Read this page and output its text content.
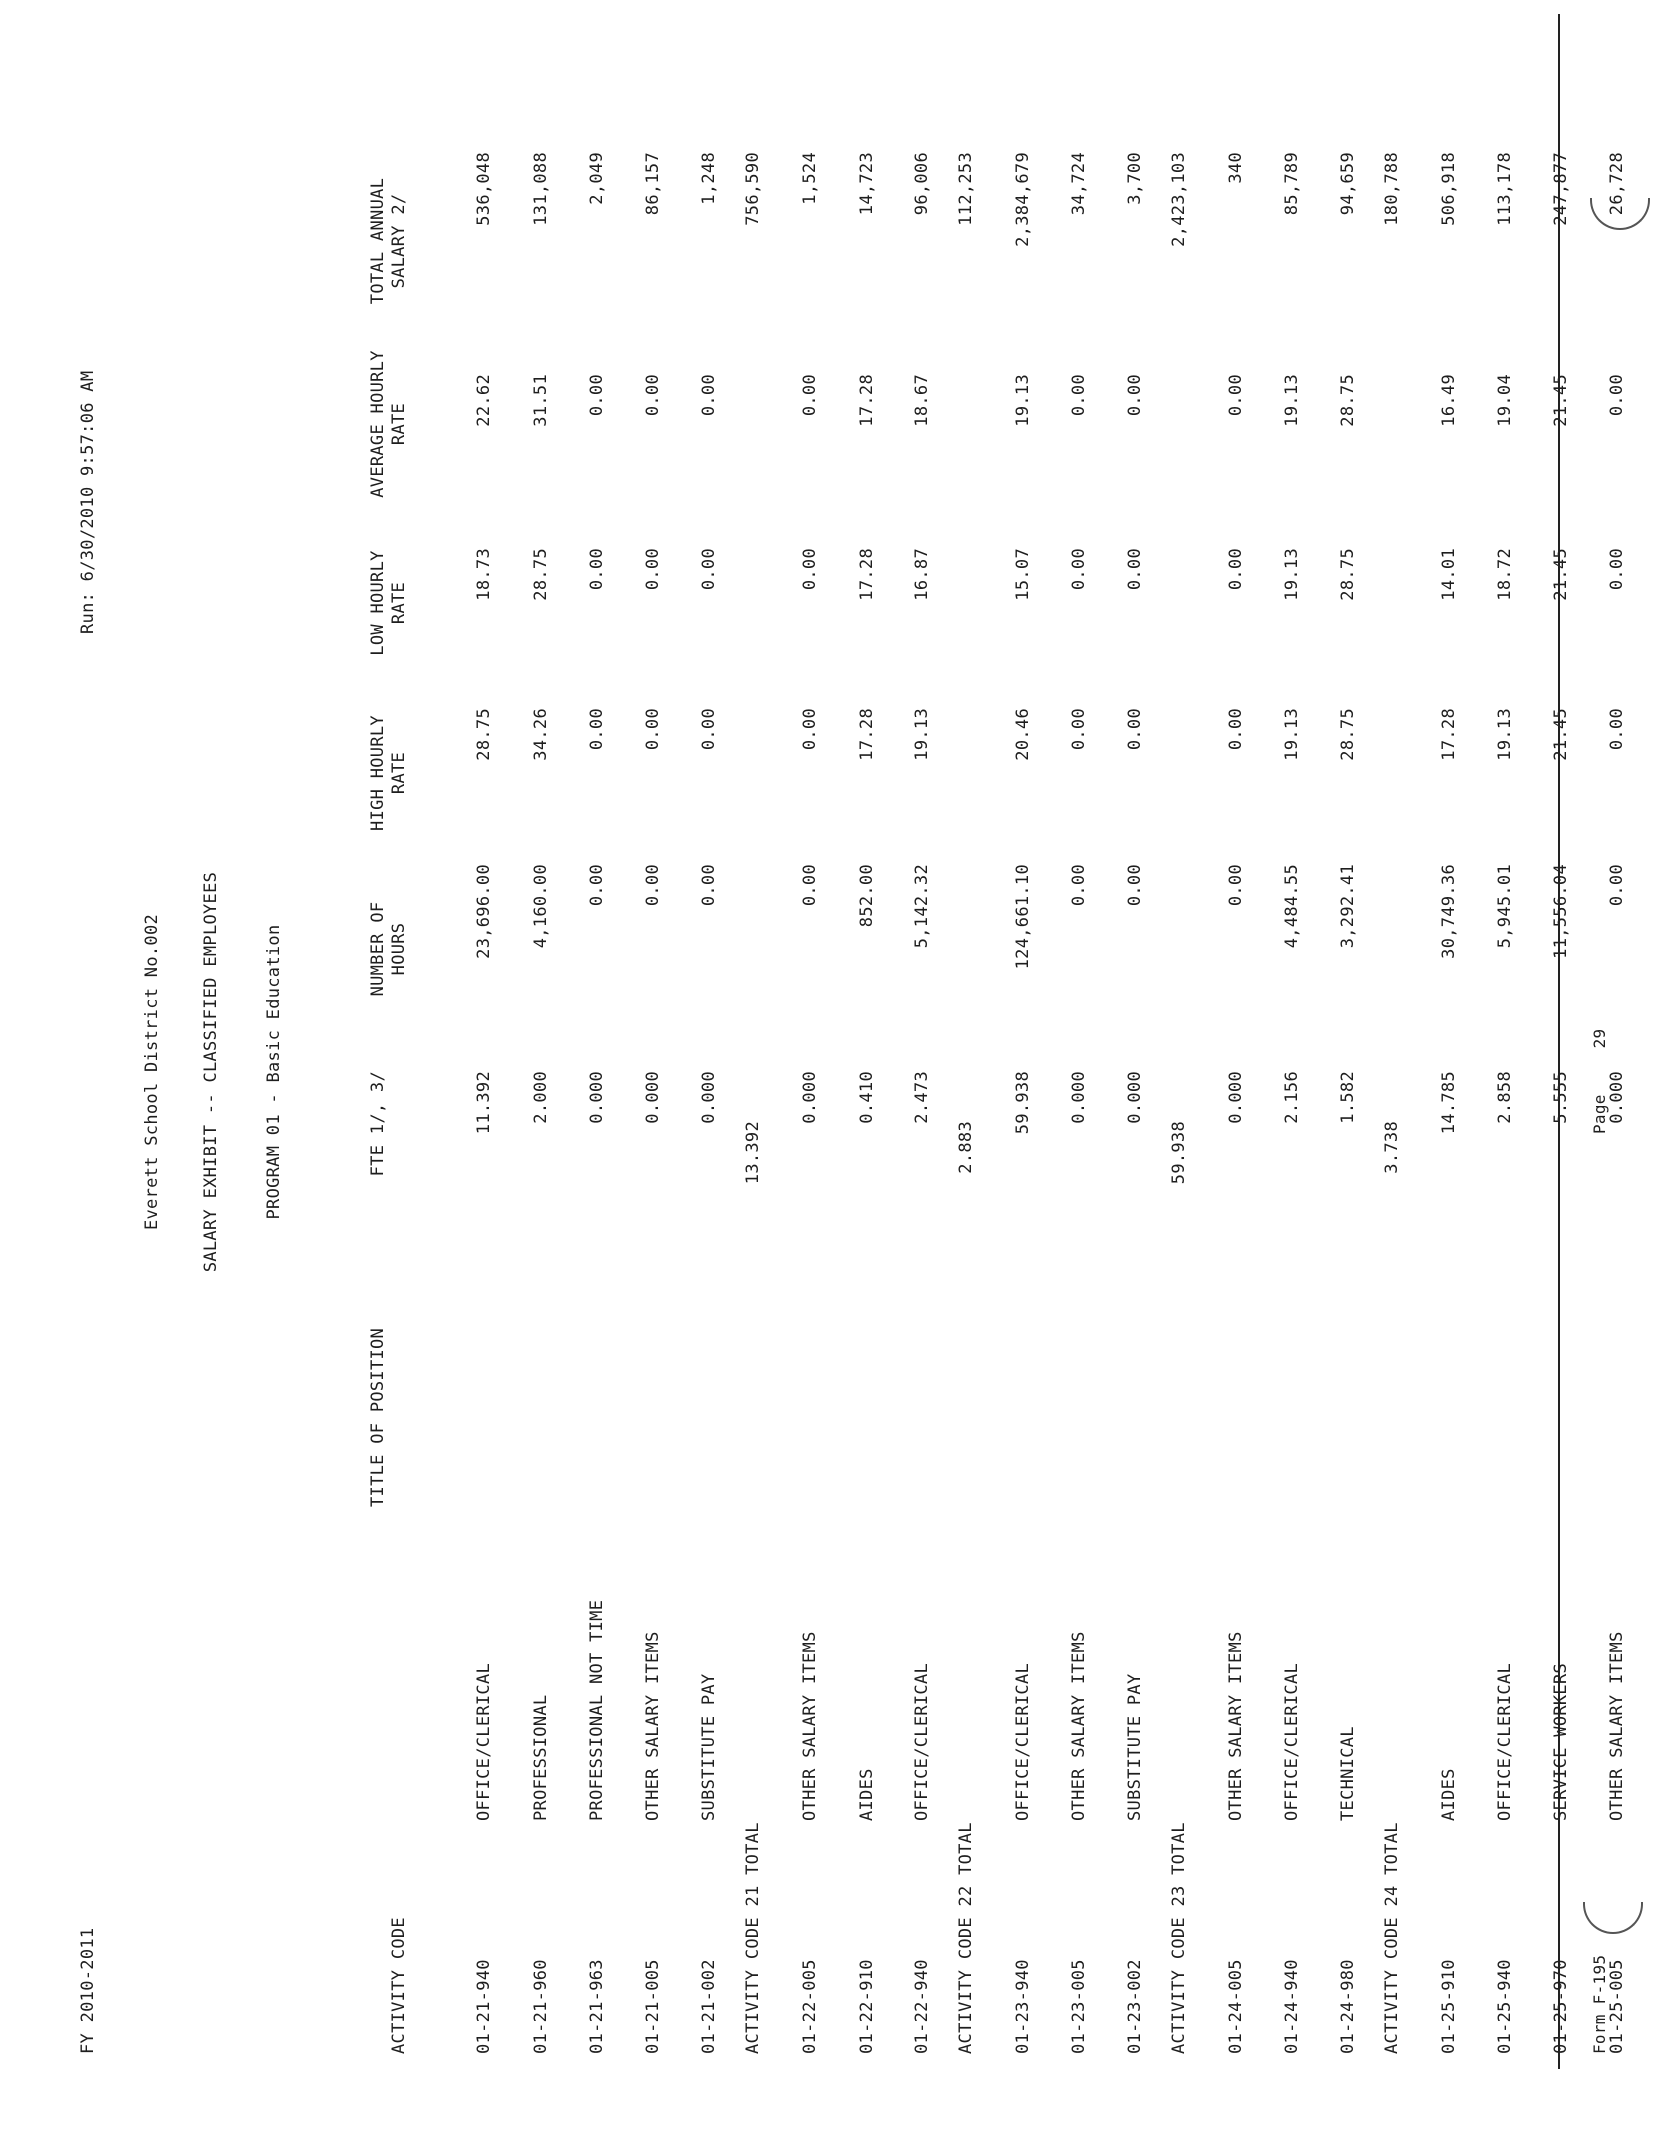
FY 2010-2011
Run: 6/30/2010 9:57:06 AM
Everett School District No.002 SALARY EXHIBIT -- CLASSIFIED EMPLOYEES	PROGRAM 01 - Basic Education
ACTIVITY CODE
TITLE OF POSITION
FTE 1/, 3/
NUMBER OF HOURS
HIGH HOURLY RATE
LOW HOURLY RATE
AVERAGE HOURLY RATE
TOTAL ANNUAL SALARY 2/
01-21-940
OFFICE/CLERICAL
11.392
23,696.00
28.75
18.73
22.62
536,048
01-21-960
PROFESSIONAL
2.000
4,160.00
34.26
28.75
31.51
131,088
01-21-963
PROFESSIONAL NOT TIME
0.000
0.00
0.00
0.00
0.00
2,049
01-21-005
OTHER SALARY ITEMS
0.000
0.00
0.00
0.00
0.00
86,157
01-21-002
SUBSTITUTE PAY
0.000
0.00
0.00
0.00
0.00
1,248
ACTIVITY CODE 21 TOTAL
13.392
756,590
01-22-005
OTHER SALARY ITEMS
0.000
0.00
0.00
0.00
0.00
1,524
01-22-910
AIDES
0.410
852.00
17.28
17.28
17.28
14,723
01-22-940
OFFICE/CLERICAL
2.473
5,142.32
19.13
16.87
18.67
96,006
ACTIVITY CODE 22 TOTAL
2.883
112,253
01-23-940
OFFICE/CLERICAL
59.938
124,661.10
20.46
15.07
19.13
2,384,679
01-23-005
OTHER SALARY ITEMS
0.000
0.00
0.00
0.00
0.00
34,724
01-23-002
SUBSTITUTE PAY
0.000
0.00
0.00
0.00
0.00
3,700
ACTIVITY CODE 23 TOTAL
59.938
2,423,103
01-24-005
OTHER SALARY ITEMS
0.000
0.00
0.00
0.00
0.00
340
01-24-940
OFFICE/CLERICAL
2.156
4,484.55
19.13
19.13
19.13
85,789
01-24-980
TECHNICAL
1.582
3,292.41
28.75
28.75
28.75
94,659
ACTIVITY CODE 24 TOTAL
3.738
180,788
01-25-910
AIDES
14.785
30,749.36
17.28
14.01
16.49
506,918
01-25-940
OFFICE/CLERICAL
2.858
5,945.01
19.13
18.72
19.04
113,178
01-25-970
SERVICE WORKERS
5.555
11,556.04
21.45
21.45
21.45
247,877
01-25-005
OTHER SALARY ITEMS
0.000
0.00
0.00
0.00
0.00
26,728
Form F-195
Page  29
